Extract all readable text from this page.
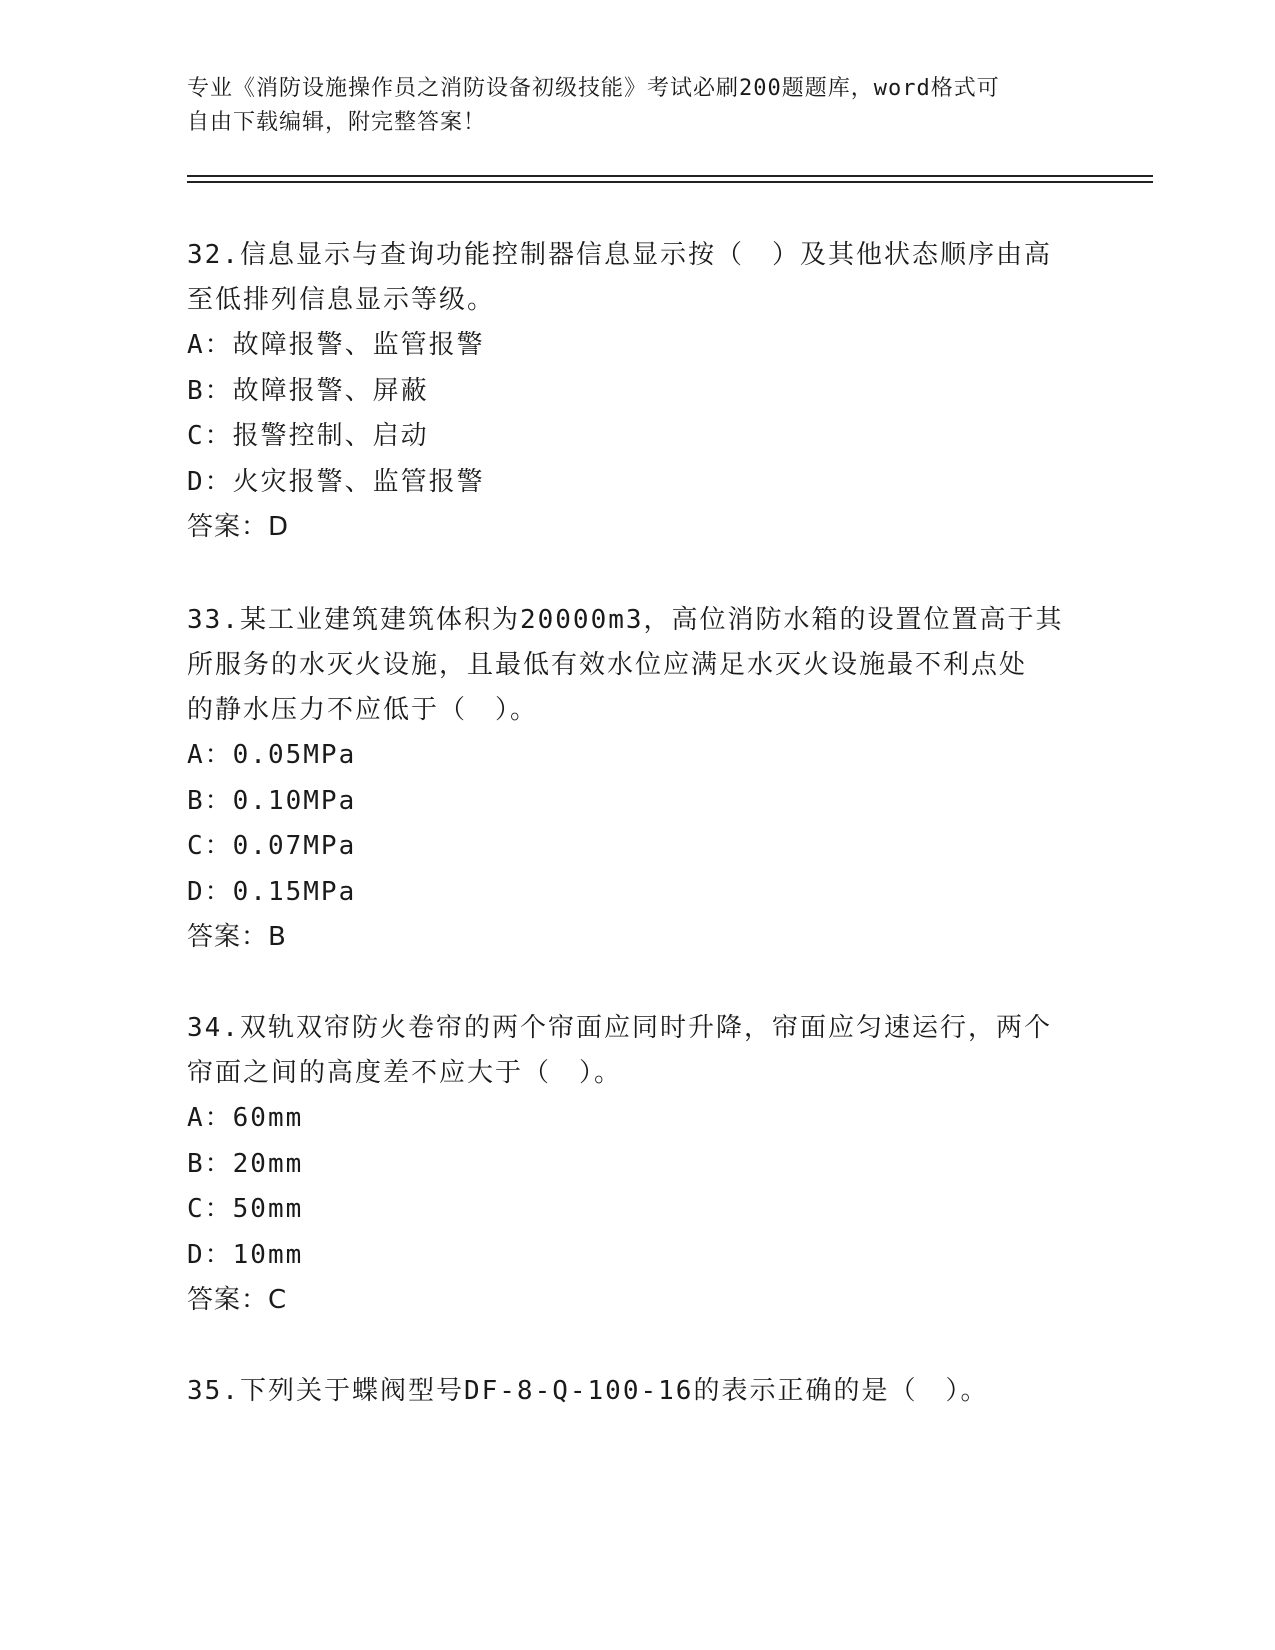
专业《消防设施操作员之消防设备初级技能》考试必刷200题题库，word格式可
自由下载编辑，附完整答案！

32.信息显示与查询功能控制器信息显示按（　）及其他状态顺序由高

至低排列信息显示等级。

A：故障报警、监管报警

B：故障报警、屏蔽

C：报警控制、启动

D：火灾报警、监管报警

答案：D

33.某工业建筑建筑体积为20000m3，高位消防水箱的设置位置高于其

所服务的水灭火设施，且最低有效水位应满足水灭火设施最不利点处

的静水压力不应低于（　）。

A：0.05MPa

B：0.10MPa

C：0.07MPa

D：0.15MPa

答案：B

34.双轨双帘防火卷帘的两个帘面应同时升降，帘面应匀速运行，两个

帘面之间的高度差不应大于（　）。

A：60mm

B：20mm

C：50mm

D：10mm

答案：C

35.下列关于蝶阀型号DF-8-Q-100-16的表示正确的是（　）。
